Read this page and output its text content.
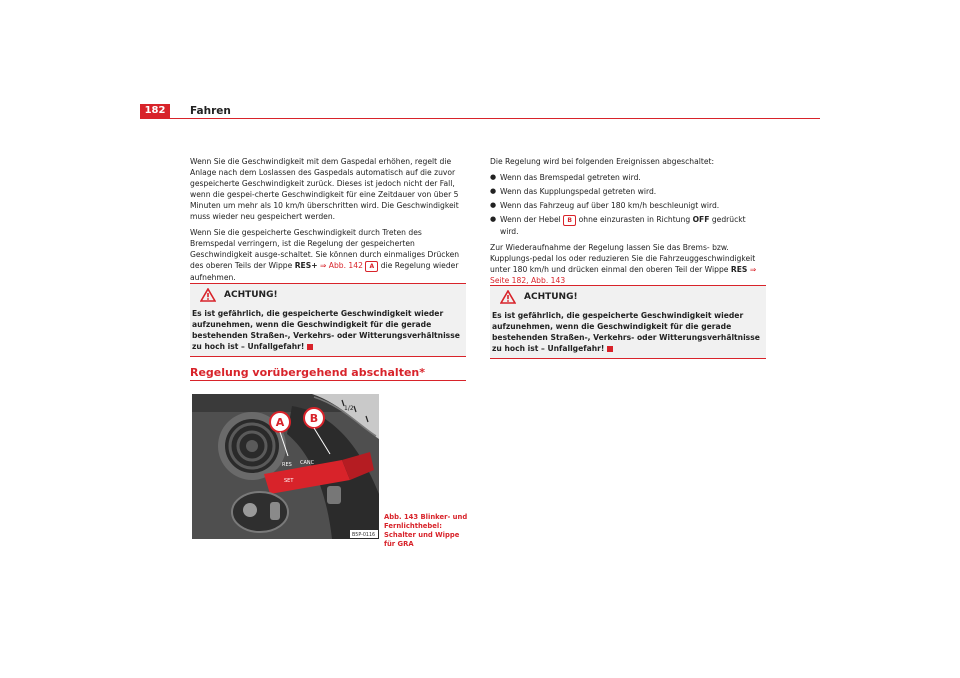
182	Fahren

Wenn Sie die Geschwindigkeit mit dem Gaspedal erhöhen, regelt die Anlage nach dem Loslassen des Gaspedals automatisch auf die zuvor gespeicherte Geschwindigkeit zurück. Dieses ist jedoch nicht der Fall, wenn die gespei-cherte Geschwindigkeit für eine Zeitdauer von über 5 Minuten um mehr als 10 km/h überschritten wird. Die Geschwindigkeit muss wieder neu gespeichert werden.

Wenn Sie die gespeicherte Geschwindigkeit durch Treten des Bremspedal verringern, ist die Regelung der gespeicherten Geschwindigkeit ausge-schaltet. Sie können durch einmaliges Drücken des oberen Teils der Wippe RES+ ⇒ Abb. 142 A die Regelung wieder aufnehmen.

ACHTUNG!
Es ist gefährlich, die gespeicherte Geschwindigkeit wieder aufzunehmen, wenn die Geschwindigkeit für die gerade bestehenden Straßen-, Verkehrs- oder Witterungsverhältnisse zu hoch ist – Unfallgefahr!
Regelung vorübergehend abschalten*
A B
RES CANC
SET
1/2
B5P-0116
Abb. 143 Blinker- und Fernlichthebel: Schalter und Wippe für GRA

Die Regelung wird bei folgenden Ereignissen abgeschaltet:

● Wenn das Bremspedal getreten wird.
● Wenn das Kupplungspedal getreten wird.
● Wenn das Fahrzeug auf über 180 km/h beschleunigt wird.
● Wenn der Hebel B ohne einzurasten in Richtung OFF gedrückt wird.

Zur Wiederaufnahme der Regelung lassen Sie das Brems- bzw. Kupplungs-pedal los oder reduzieren Sie die Fahrzeuggeschwindigkeit unter 180 km/h und drücken einmal den oberen Teil der Wippe RES ⇒ Seite 182, Abb. 143

ACHTUNG!
Es ist gefährlich, die gespeicherte Geschwindigkeit wieder aufzunehmen, wenn die Geschwindigkeit für die gerade bestehenden Straßen-, Verkehrs- oder Witterungsverhältnisse zu hoch ist – Unfallgefahr!
